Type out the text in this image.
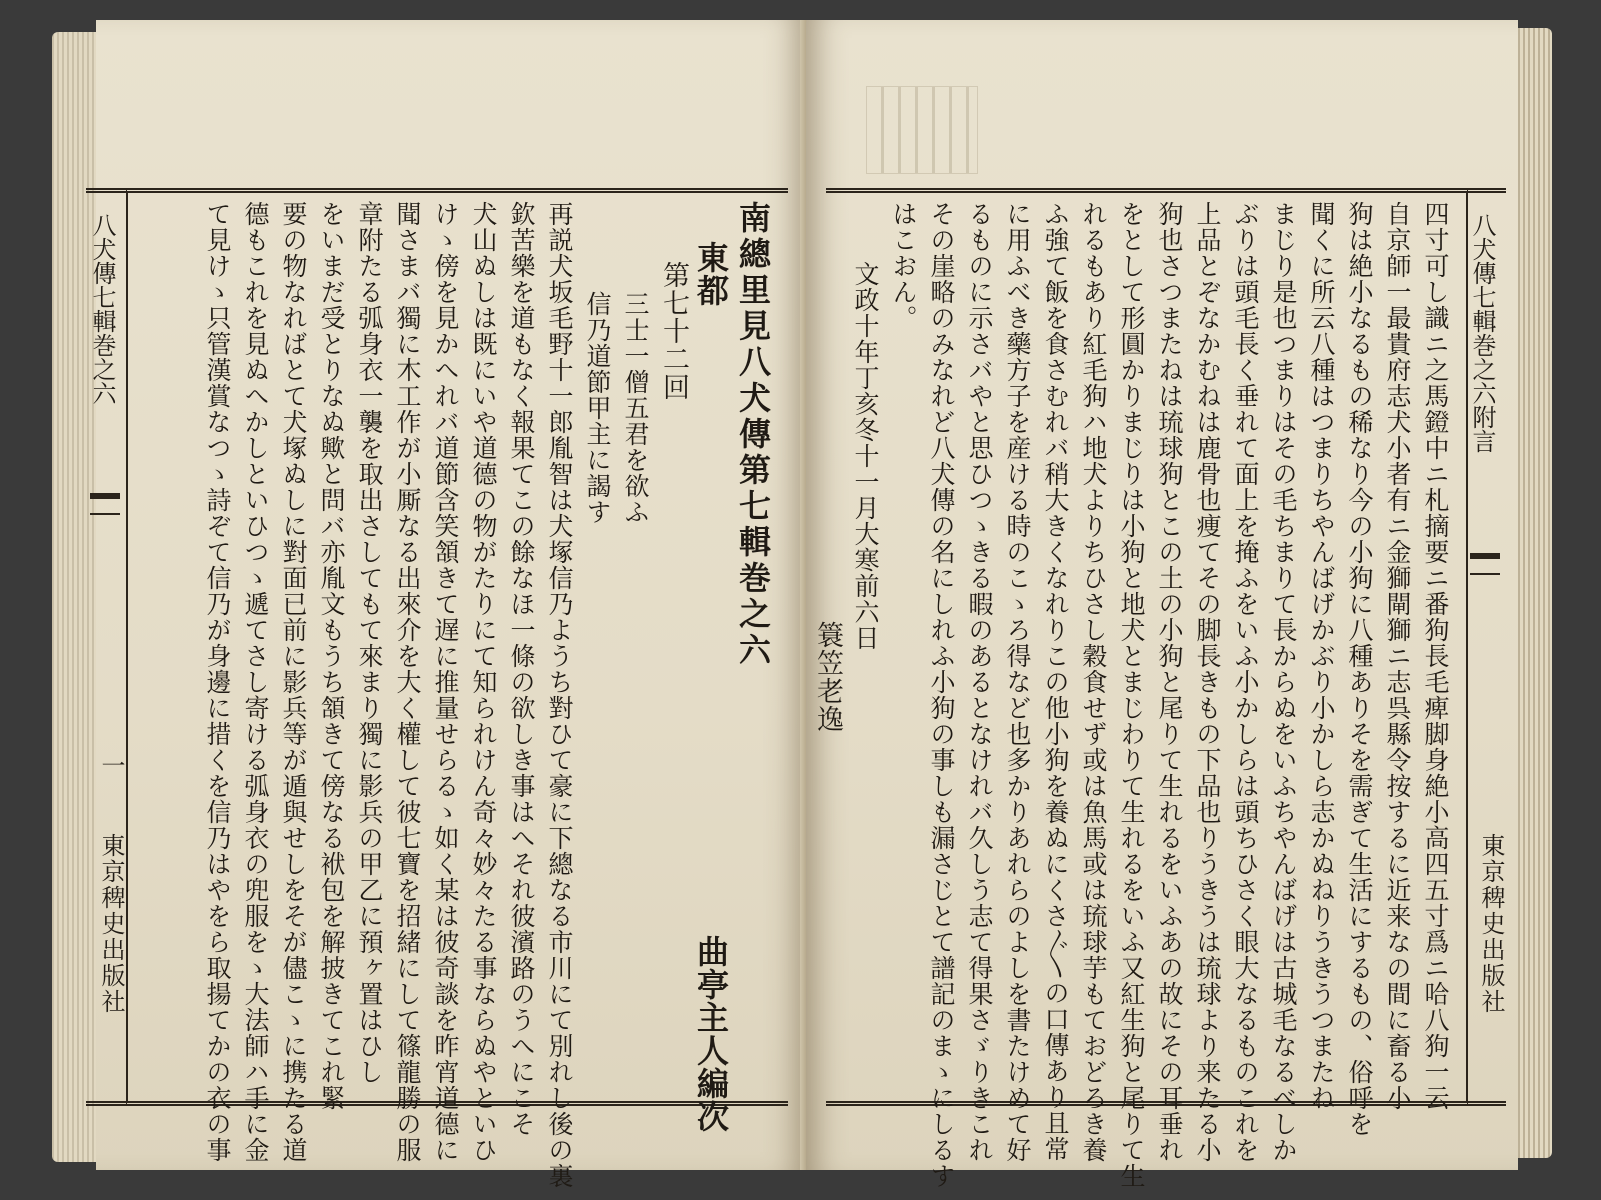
八犬傳七輯巻之六
一
東京稗史出版社
南總里見八犬傳第七輯巻之六
東都
曲亭主人編次
第七十二回
三士一僧五君を欲ふ
信乃道節甲主に謁す
再説犬坂毛野十一郎胤智は犬塚信乃ようち對ひて豪に下總なる市川にて別れし後の裏
欽苦樂を道もなく報果てこの餘なほ一條の欲しき事はへそれ彼濱路のうへにこそ
犬山ぬしは既にいや道德の物がたりにて知られけん奇々妙々たる事ならぬやといひ
けゝ傍を見かへれバ道節含笑頷きて遅に推量せらるゝ如く某は彼奇談を昨宵道德に
聞さまバ獨に木工作が小厮なる出來介を大く權して彼七寶を招緒にして篠龍勝の服
章附たる弧身衣一襲を取出さしてもて來まり獨に影兵の甲乙に預ヶ置はひし
をいまだ受とりなぬ歟と問バ亦胤文もうち頷きて傍なる袱包を解披きてこれ緊
要の物なればとて犬塚ぬしに對面已前に影兵等が遁與せしをそが儘こゝに携たる道
德もこれを見ぬへかしといひつゝ遞てさし寄ける弧身衣の兜服をゝ大法師ハ手に金
て見けゝ只管漢賞なつゝ詩ぞて信乃が身邊に措くを信乃はやをら取揚てかの衣の事	四寸可し識ニ之馬鐙中ニ札摘要ニ番狗長毛痺脚身絶小高四五寸爲ニ哈八狗一云
自京師一最貴府志犬小者有ニ金獅閘獅ニ志呉縣令按するに近来なの間に畜る小
狗は絶小なるもの稀なり今の小狗に八種ありそを需ぎて生活にするもの、俗呼を
聞くに所云八種はつまりちやんばげかぶり小かしら志かぬねりうきうつまたね
まじり是也つまりはその毛ちまりて長からぬをいふちやんばげは古城毛なるべしか
ぶりは頭毛長く垂れて面上を掩ふをいふ小かしらは頭ちひさく眼大なるものこれを
上品とぞなかむねは鹿骨也痩てその脚長きもの下品也りうきうは琉球より来たる小
狗也さつまたねは琉球狗とこの土の小狗と尾りて生れるをいふあの故にその耳垂れ
をとして形圓かりまじりは小狗と地犬とまじわりて生れるをいふ又紅生狗と尾りて生
れるもあり紅毛狗ハ地犬よりちひさし穀食せず或は魚馬或は琉球芋もておどろき養
ふ強て飯を食さむれバ稍大きくなれりこの他小狗を養ぬにくさ〴〵の口傳あり且常
に用ふべき藥方子を産ける時のこゝろ得など也多かりあれらのよしを書たけめて好
るものに示さバやと思ひつゝきる暇のあるとなけれバ久しう志て得果さゞりきこれ
その崖略のみなれど八犬傳の名にしれふ小狗の事しも漏さじとて譜記のまゝにしるす
はこおん。
文政十年丁亥冬十一月大寒前六日
簑笠老逸
八犬傳七輯巻之六附言
東京稗史出版社
